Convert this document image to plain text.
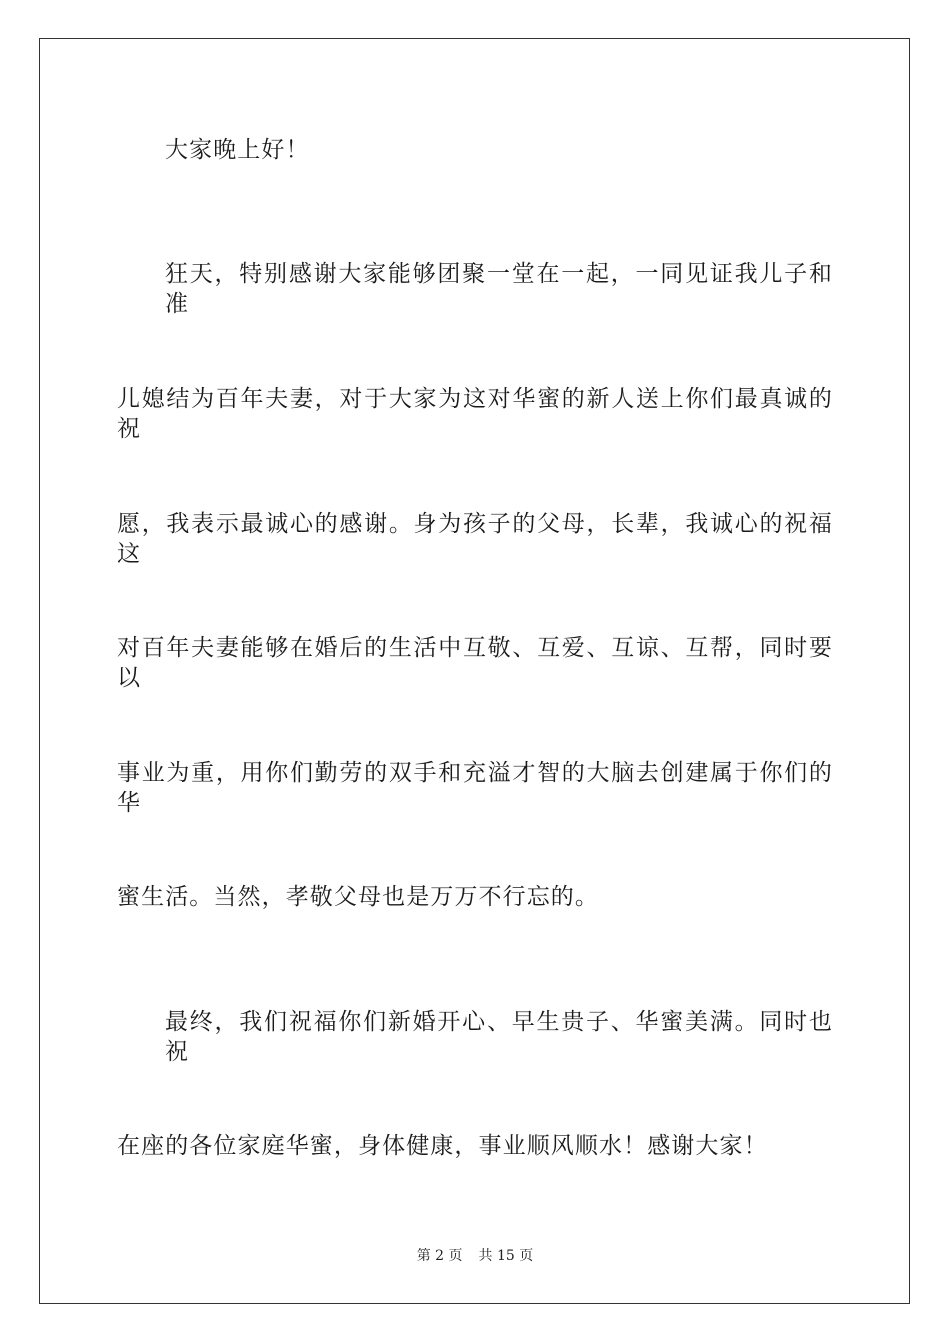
大家晚上好！
狂天，特别感谢大家能够团聚一堂在一起，一同见证我儿子和准
儿媳结为百年夫妻，对于大家为这对华蜜的新人送上你们最真诚的祝
愿，我表示最诚心的感谢。身为孩子的父母，长辈，我诚心的祝福这
对百年夫妻能够在婚后的生活中互敬、互爱、互谅、互帮，同时要以
事业为重，用你们勤劳的双手和充溢才智的大脑去创建属于你们的华
蜜生活。当然，孝敬父母也是万万不行忘的。
最终，我们祝福你们新婚开心、早生贵子、华蜜美满。同时也祝
在座的各位家庭华蜜，身体健康，事业顺风顺水！感谢大家！
第 2 页 共 15 页
